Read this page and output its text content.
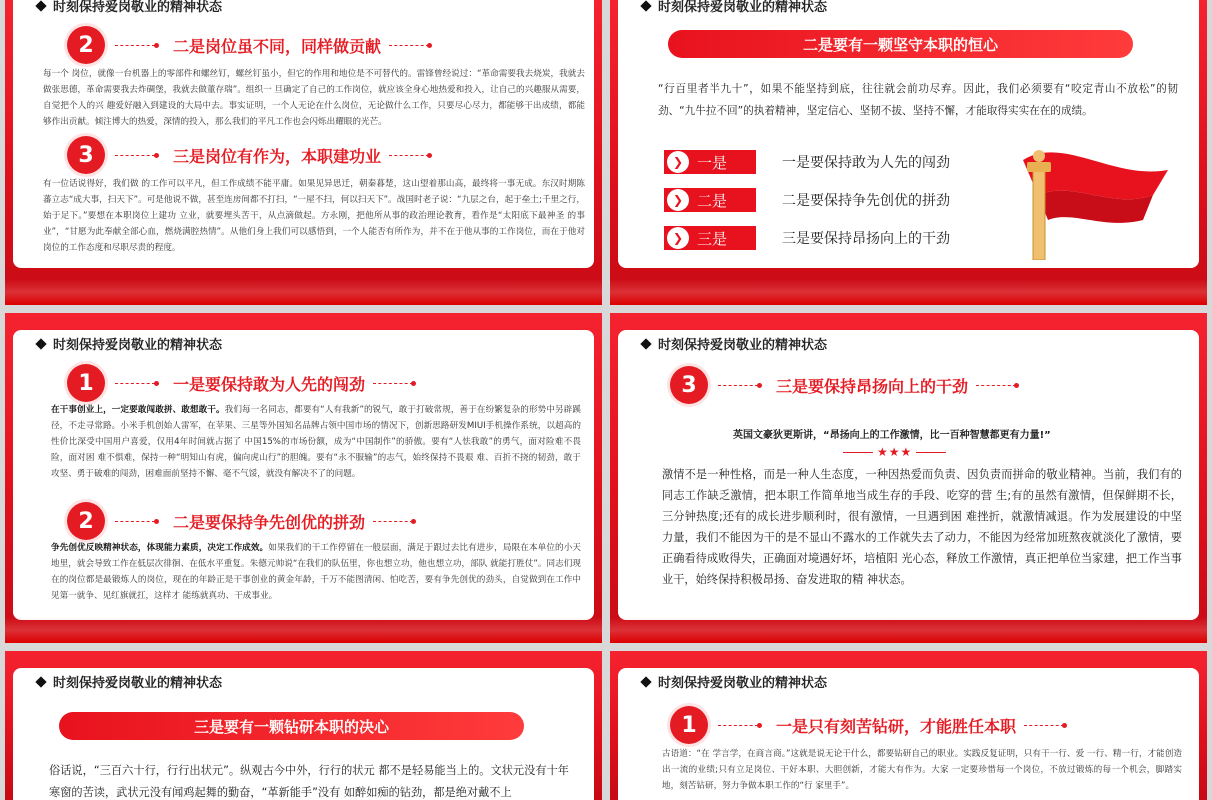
时刻保持爱岗敬业的精神状态
2	二是岗位虽不同，同样做贡献
每一个 岗位，就像一台机器上的零部件和螺丝钉，螺丝钉虽小，但它的作用和地位是不可替代的。雷锋曾经说过：“革命需要我去烧炭，我就去做张思德，革命需要我去炸碉堡，我就去做董存瑞”。组织一 旦确定了自己的工作岗位，就应该全身心地热爱和投入，让自己的兴趣服从需要，自觉把个人的兴 趣爱好融入到建设的大局中去。事实证明，一个人无论在什么岗位，无论做什么工作，只要尽心尽力，都能够干出成绩，都能够作出贡献。倾注博大的热爱，深情的投入，那么我们的平凡工作也会闪烁出耀眼的光芒。
3	三是岗位有作为，本职建功业
有一位话说得好，我们做 的工作可以平凡，但工作成绩不能平庸。如果见异思迁，朝秦暮楚，这山望着那山高，最终将一事无成。东汉时期陈蕃立志“成大事，扫天下”。可是他说不做，甚至连房间都不打扫，“一屋不扫，何以扫天下”。战国时老子说：“九层之台，起于垒土;千里之行，始于足下。”要想在本职岗位上建功 立业，就要埋头苦干，从点滴做起。方永刚，把他所从事的政治理论教育，看作是“太阳底下最神圣 的事业”，“甘愿为此奉献全部心血，燃烧满腔热情”。从他们身上我们可以感悟到，一个人能否有所作为，并不在于他从事的工作岗位，而在于他对岗位的工作态度和尽职尽责的程度。
时刻保持爱岗敬业的精神状态
二是要有一颗坚守本职的恒心
“行百里者半九十”，如果不能坚持到底，往往就会前功尽弃。因此，我们必须要有“咬定青山不放松”的韧劲、“九牛拉不回”的执着精神，坚定信心、坚韧不拔、坚持不懈，才能取得实实在在的成绩。
❯ 一是	一是要保持敢为人先的闯劲
❯ 二是	二是要保持争先创优的拼劲
❯ 三是	三是要保持昂扬向上的干劲
时刻保持爱岗敬业的精神状态
1	一是要保持敢为人先的闯劲
在干事创业上，一定要敢闯敢拼、敢想敢干。我们每一名同志，都要有“人有我新”的锐气，敢于打破常规，善于在纷繁复杂的形势中另辟蹊径，不走寻常路。小米手机创始人雷军，在苹果、三星等外国知名品牌占领中国市场的情况下，创新思路研发MIUI手机操作系统，以超高的性价比深受中国用户喜爱，仅用4年时间就占据了 中国15%的市场份额，成为“中国制作”的骄傲。要有“人怯我敢”的勇气，面对险难不畏险，面对困 难不惧难，保持一种“明知山有虎，偏向虎山行”的胆魄。要有“永不服输”的志气，始终保持不畏艰 难、百折不挠的韧劲，敢于攻坚、勇于破难的闯劲，困难面前坚持不懈、毫不气馁，就没有解决不了的问题。
2	二是要保持争先创优的拼劲
争先创优反映精神状态，体现能力素质，决定工作成效。如果我们的干工作停留在一般层面，满足于跟过去比有进步，局限在本单位的小天地里，就会导致工作在低层次徘徊、在低水平重复。朱德元帅说“在我们的队伍里，你也想立功，他也想立功，部队 就能打胜仗”。同志们现在的岗位都是最锻炼人的岗位，现在的年龄正是干事创业的黄金年龄，千万不能图清闲、怕吃苦，要有争先创优的劲头，自觉做到在工作中见第一就争、见红旗就扛，这样才 能练就真功、干成事业。
时刻保持爱岗敬业的精神状态
3	三是要保持昂扬向上的干劲
英国文豪狄更斯讲，“昂扬向上的工作激情，比一百种智慧都更有力量!”
★★★
激情不是一种性格，而是一种人生态度，一种因热爱而负责、因负责而拼命的敬业精神。当前，我们有的同志工作缺乏激情，把本职工作简单地当成生存的手段、吃穿的营 生;有的虽然有激情，但保鲜期不长，三分钟热度;还有的成长进步顺利时，很有激情，一旦遇到困 难挫折，就激情减退。作为发展建设的中坚力量，我们不能因为干的是不显山不露水的工作就失去了动力，不能因为经常加班熬夜就淡化了激情，要正确看待成败得失，正确面对境遇好坏，培植阳 光心态，释放工作激情，真正把单位当家建，把工作当事业干，始终保持积极昂扬、奋发进取的精 神状态。
时刻保持爱岗敬业的精神状态
三是要有一颗钻研本职的决心
俗话说，“三百六十行，行行出状元”。纵观古今中外，行行的状元 都不是轻易能当上的。文状元没有十年寒窗的苦读，武状元没有闻鸡起舞的勤奋，“革新能手”没有 如醉如痴的钻劲，都是绝对戴不上
时刻保持爱岗敬业的精神状态
1	一是只有刻苦钻研，才能胜任本职
古语道：“在 学言学，在商言商。”这就是说无论干什么，都要钻研自己的职业。实践反复证明，只有干一行、爱 一行、精一行，才能创造出一流的业绩;只有立足岗位、干好本职、大胆创新，才能大有作为。大家 一定要珍惜每一个岗位，不放过锻炼的每一个机会，脚踏实地，刻苦钻研，努力争做本职工作的“行 家里手”。
